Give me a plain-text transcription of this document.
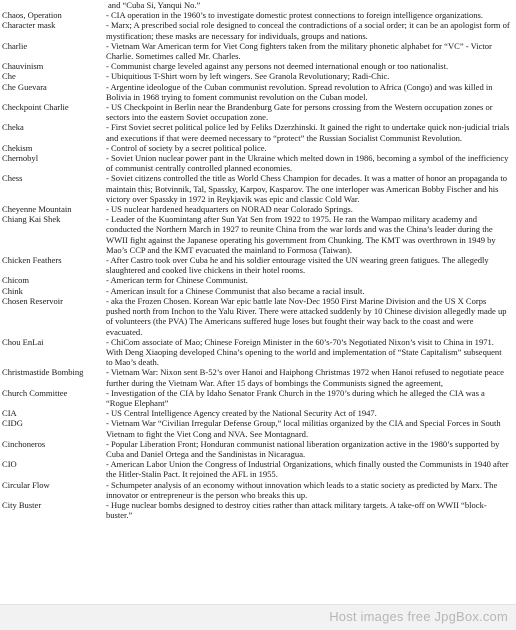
and “Cuba Si, Yanqui No.”
Chaos, Operation	- CIA operation in the 1960’s to investigate domestic protest connections to foreign intelligence organizations.
Character mask	- Marx; A prescribed social role designed to conceal the contradictions of a social order; it can be an apologist form of mystification; these masks are necessary for individuals, groups and nations.
Charlie	- Vietnam War American term for Viet Cong fighters taken from the military phonetic alphabet for “VC” - Victor Charlie. Sometimes called Mr. Charles.
Chauvinism	- Communist charge leveled against any persons not deemed international enough or too nationalist.
Che	- Ubiquitious T-Shirt worn by left wingers. See Granola Revolutionary; Radi-Chic.
Che Guevara	- Argentine ideologue of the Cuban communist revolution. Spread revolution to Africa (Congo) and was killed in Bolivia in 1968 trying to foment communist revolution on the Cuban model.
Checkpoint Charlie	- US Checkpoint in Berlin near the Brandenburg Gate for persons crossing from the Western occupation zones or sectors into the eastern Soviet occupation zone.
Cheka	- First Soviet secret political police led by Feliks Dzerzhinski. It gained the right to undertake quick non-judicial trials and executions if that were deemed necessary to “protect” the Russian Socialist Communist Revolution.
Chekism	- Control of society by a secret political police.
Chernobyl	- Soviet Union nuclear power pant in the Ukraine which melted down in 1986, becoming a symbol of the inefficiency of communist centrally controlled planned economies.
Chess	- Soviet citizens controlled the title as World Chess Champion for decades. It was a matter of honor an propaganda to maintain this; Botvinnik, Tal, Spassky, Karpov, Kasparov. The one interloper was American Bobby Fischer and his victory over Spassky in 1972 in Reykjavik was epic and classic Cold War.
Cheyenne Mountain	- US nuclear hardened headquarters on NORAD near Colorado Springs.
Chiang Kai Shek	- Leader of the Kuomintang after Sun Yat Sen from 1922 to 1975. He ran the Wampao military academy and conducted the Northern March in 1927 to reunite China from the war lords and was the China’s leader during the WWII fight against the Japanese operating his government from Chunking. The KMT was overthrown in 1949 by Mao’s CCP and the KMT evacuated the mainland to Formosa (Taiwan).
Chicken Feathers	- After Castro took over Cuba he and his soldier entourage visited the UN wearing green fatigues. The allegedly slaughtered and cooked live chickens in their hotel rooms.
Chicom	- American term for Chinese Communist.
Chink	- American insult for a Chinese Communist that also became a racial insult.
Chosen Reservoir	- aka the Frozen Chosen. Korean War epic battle late Nov-Dec 1950 First Marine Division and the US X Corps pushed north from Inchon to the Yalu River. There were attacked suddenly by 10 Chinese division allegedly made up of volunteers (the PVA) The Americans suffered huge loses but fought their way back to the coast and were evacuated.
Chou EnLai	- ChiCom associate of Mao; Chinese Foreign Minister in the 60’s-70’s Negotiated Nixon’s visit to China in 1971. With Deng Xiaoping developed China’s opening to the world and implementation of “State Capitalism” subsequent to Mao’s death.
Christmastide Bombing	- Vietnam War: Nixon sent B-52’s over Hanoi and Haiphong Christmas 1972 when Hanoi refused to negotiate peace further during the Vietnam War. After 15 days of bombings the Communists signed the agreement,
Church Committee	- Investigation of the CIA by Idaho Senator Frank Church in the 1970’s during which he alleged the CIA was a “Rogue Elephant”
CIA	- US Central Intelligence Agency created by the National Security Act of 1947.
CIDG	- Vietnam War “Civilian Irregular Defense Group,” local militias organized by the CIA and Special Forces in South Vietnam to fight the Viet Cong and NVA. See Montagnard.
Cinchoneros	- Popular Liberation Front; Honduran communist national liberation organization active in the 1980’s supported by Cuba and Daniel Ortega and the Sandinistas in Nicaragua.
CIO	- American Labor Union the Congress of Industrial Organizations, which finally ousted the Communists in 1940 after the Hitler-Stalin Pact. It rejoined the AFL in 1955.
Circular Flow	- Schumpeter analysis of an economy without innovation which leads to a static society as predicted by Marx. The innovator or entrepreneur is the person who breaks this up.
City Buster	- Huge nuclear bombs designed to destroy cities rather than attack military targets. A take-off on WWII “block-buster.”
Host images free JpgBox.com
